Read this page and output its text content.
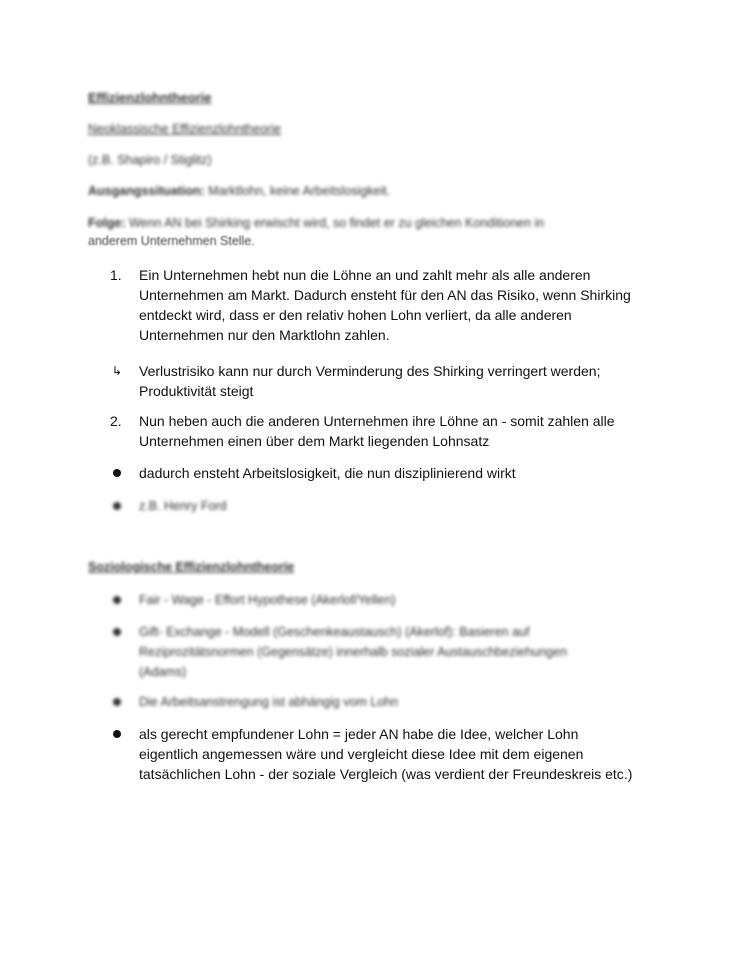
Effizienzlohntheorie
Neoklassische Effizienzlohntheorie
(z.B. Shapiro / Stiglitz)
Ausgangssituation: Marktlohn, keine Arbeitslosigkeit.
Folge: Wenn AN bei Shirking erwischt wird, so findet er zu gleichen Konditionen in
anderem Unternehmen Stelle.
1. Ein Unternehmen hebt nun die Löhne an und zahlt mehr als alle anderen
Unternehmen am Markt. Dadurch ensteht für den AN das Risiko, wenn Shirking
entdeckt wird, dass er den relativ hohen Lohn verliert, da alle anderen
Unternehmen nur den Marktlohn zahlen.
↳ Verlustrisiko kann nur durch Verminderung des Shirking verringert werden;
Produktivität steigt
2. Nun heben auch die anderen Unternehmen ihre Löhne an - somit zahlen alle
Unternehmen einen über dem Markt liegenden Lohnsatz
dadurch ensteht Arbeitslosigkeit, die nun disziplinierend wirkt
z.B. Henry Ford
Soziologische Effizienzlohntheorie
Fair - Wage - Effort Hypothese (Akerlof/Yellen)
Gift- Exchange - Modell (Geschenkeaustausch) (Akerlof): Basieren auf
Reziprozitätsnormen (Gegensätze) innerhalb sozialer Austauschbeziehungen
(Adams)
Die Arbeitsanstrengung ist abhängig vom Lohn
als gerecht empfundener Lohn = jeder AN habe die Idee, welcher Lohn
eigentlich angemessen wäre und vergleicht diese Idee mit dem eigenen
tatsächlichen Lohn - der soziale Vergleich (was verdient der Freundeskreis etc.)
